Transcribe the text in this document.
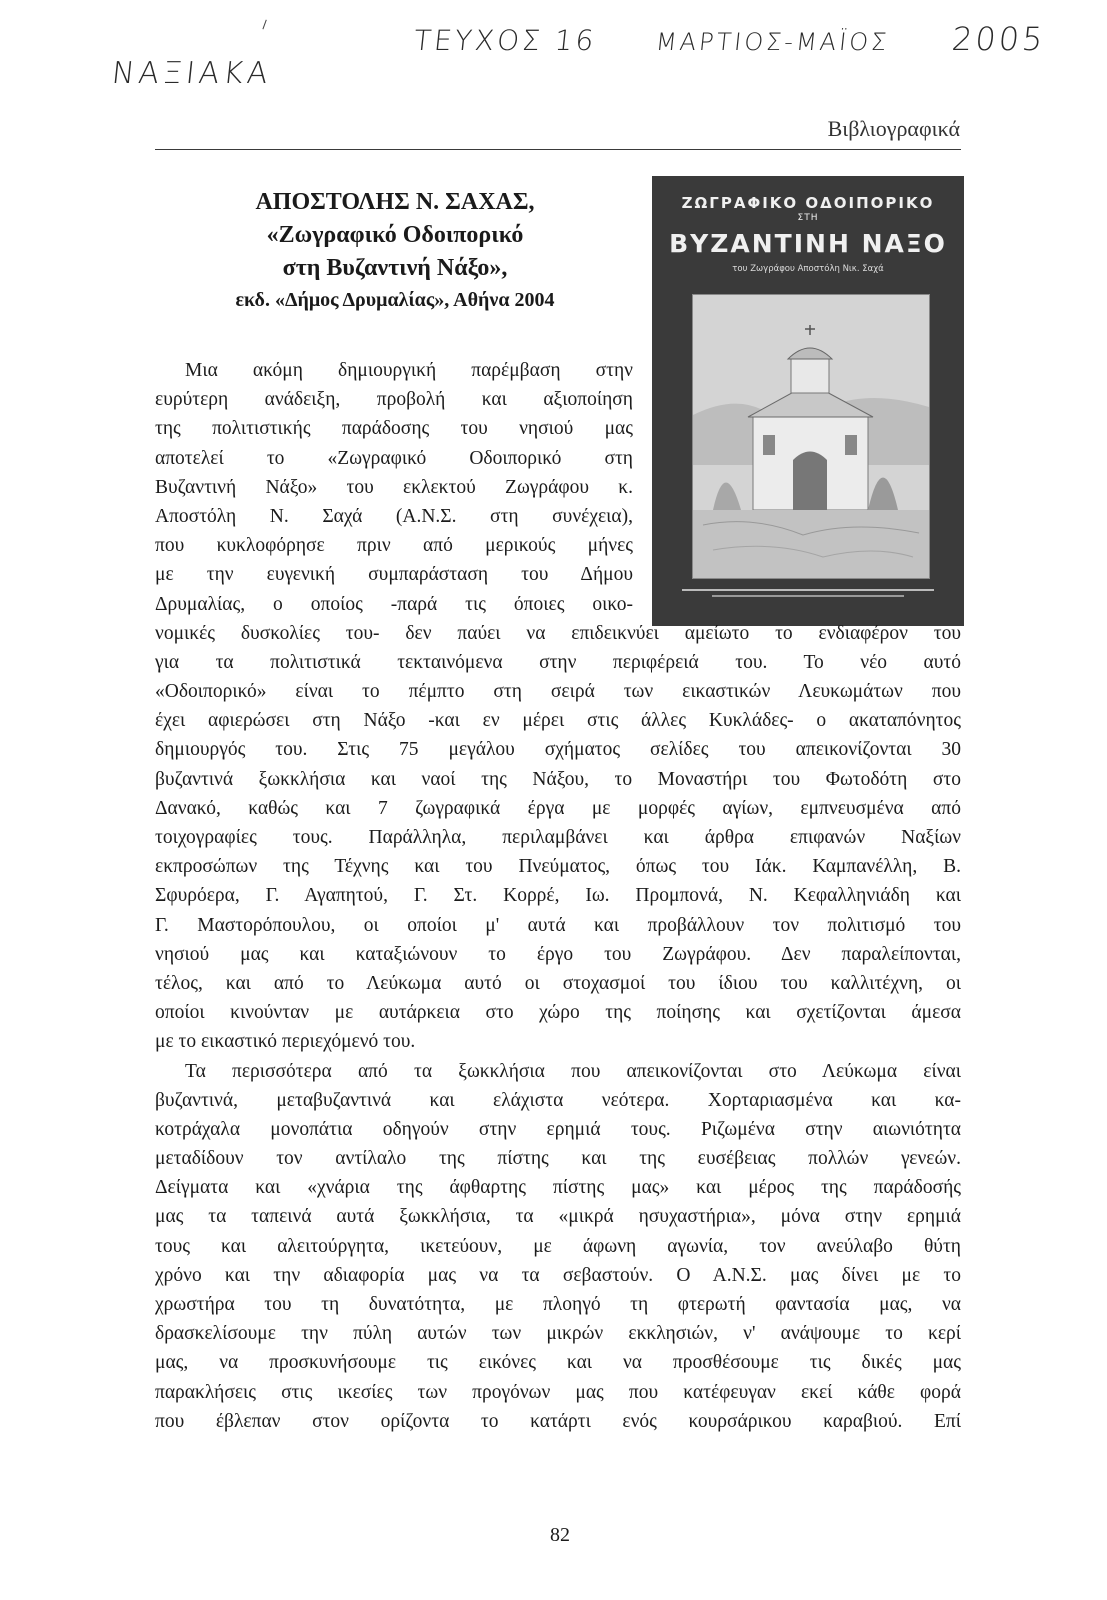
ΝΑΞΙΑΚΑ
ΤΕΥΧΟΣ 16 ΜΑΡΤΙΟΣ-ΜΑΪΟΣ 2005
Βιβλιογραφικά
ΑΠΟΣΤΟΛΗΣ Ν. ΣΑΧΑΣ,
«Ζωγραφικό Οδοιπορικό
στη Βυζαντινή Νάξο»,
εκδ. «Δήμος Δρυμαλίας», Αθήνα 2004
ΖΩΓΡΑΦΙΚΟ ΟΔΟΙΠΟΡΙΚΟ
ΣΤΗ
ΒΥΖΑΝΤΙΝΗ ΝΑΞΟ
του Ζωγράφου Αποστόλη Νικ. Σαχά
Μια ακόμη δημιουργική παρέμβαση στην
ευρύτερη ανάδειξη, προβολή και αξιοποίηση
της πολιτιστικής παράδοσης του νησιού μας
αποτελεί το «Ζωγραφικό Οδοιπορικό στη
Βυζαντινή Νάξο» του εκλεκτού Ζωγράφου κ.
Αποστόλη Ν. Σαχά (Α.Ν.Σ. στη συνέχεια),
που κυκλοφόρησε πριν από μερικούς μήνες
με την ευγενική συμπαράσταση του Δήμου
Δρυμαλίας, ο οποίος -παρά τις όποιες οικο-
νομικές δυσκολίες του- δεν παύει να επιδεικνύει αμείωτο το ενδιαφέρον του
για τα πολιτιστικά τεκταινόμενα στην περιφέρειά του. Το νέο αυτό
«Οδοιπορικό» είναι το πέμπτο στη σειρά των εικαστικών Λευκωμάτων που
έχει αφιερώσει στη Νάξο -και εν μέρει στις άλλες Κυκλάδες- ο ακαταπόνητος
δημιουργός του. Στις 75 μεγάλου σχήματος σελίδες του απεικονίζονται 30
βυζαντινά ξωκκλήσια και ναοί της Νάξου, το Μοναστήρι του Φωτοδότη στο
Δανακό, καθώς και 7 ζωγραφικά έργα με μορφές αγίων, εμπνευσμένα από
τοιχογραφίες τους. Παράλληλα, περιλαμβάνει και άρθρα επιφανών Ναξίων
εκπροσώπων της Τέχνης και του Πνεύματος, όπως του Ιάκ. Καμπανέλλη, Β.
Σφυρόερα, Γ. Αγαπητού, Γ. Στ. Κορρέ, Ιω. Προμπονά, Ν. Κεφαλληνιάδη και
Γ. Μαστορόπουλου, οι οποίοι μ' αυτά και προβάλλουν τον πολιτισμό του
νησιού μας και καταξιώνουν το έργο του Ζωγράφου. Δεν παραλείπονται,
τέλος, και από το Λεύκωμα αυτό οι στοχασμοί του ίδιου του καλλιτέχνη, οι
οποίοι κινούνταν με αυτάρκεια στο χώρο της ποίησης και σχετίζονται άμεσα
με το εικαστικό περιεχόμενό του.
Τα περισσότερα από τα ξωκκλήσια που απεικονίζονται στο Λεύκωμα είναι
βυζαντινά, μεταβυζαντινά και ελάχιστα νεότερα. Χορταριασμένα και κα-
κοτράχαλα μονοπάτια οδηγούν στην ερημιά τους. Ριζωμένα στην αιωνιότητα
μεταδίδουν τον αντίλαλο της πίστης και της ευσέβειας πολλών γενεών.
Δείγματα και «χνάρια της άφθαρτης πίστης μας» και μέρος της παράδοσής
μας τα ταπεινά αυτά ξωκκλήσια, τα «μικρά ησυχαστήρια», μόνα στην ερημιά
τους και αλειτούργητα, ικετεύουν, με άφωνη αγωνία, τον ανεύλαβο θύτη
χρόνο και την αδιαφορία μας να τα σεβαστούν. Ο Α.Ν.Σ. μας δίνει με το
χρωστήρα του τη δυνατότητα, με πλοηγό τη φτερωτή φαντασία μας, να
δρασκελίσουμε την πύλη αυτών των μικρών εκκλησιών, ν' ανάψουμε το κερί
μας, να προσκυνήσουμε τις εικόνες και να προσθέσουμε τις δικές μας
παρακλήσεις στις ικεσίες των προγόνων μας που κατέφευγαν εκεί κάθε φορά
που έβλεπαν στον ορίζοντα το κατάρτι ενός κουρσάρικου καραβιού. Επί
82
